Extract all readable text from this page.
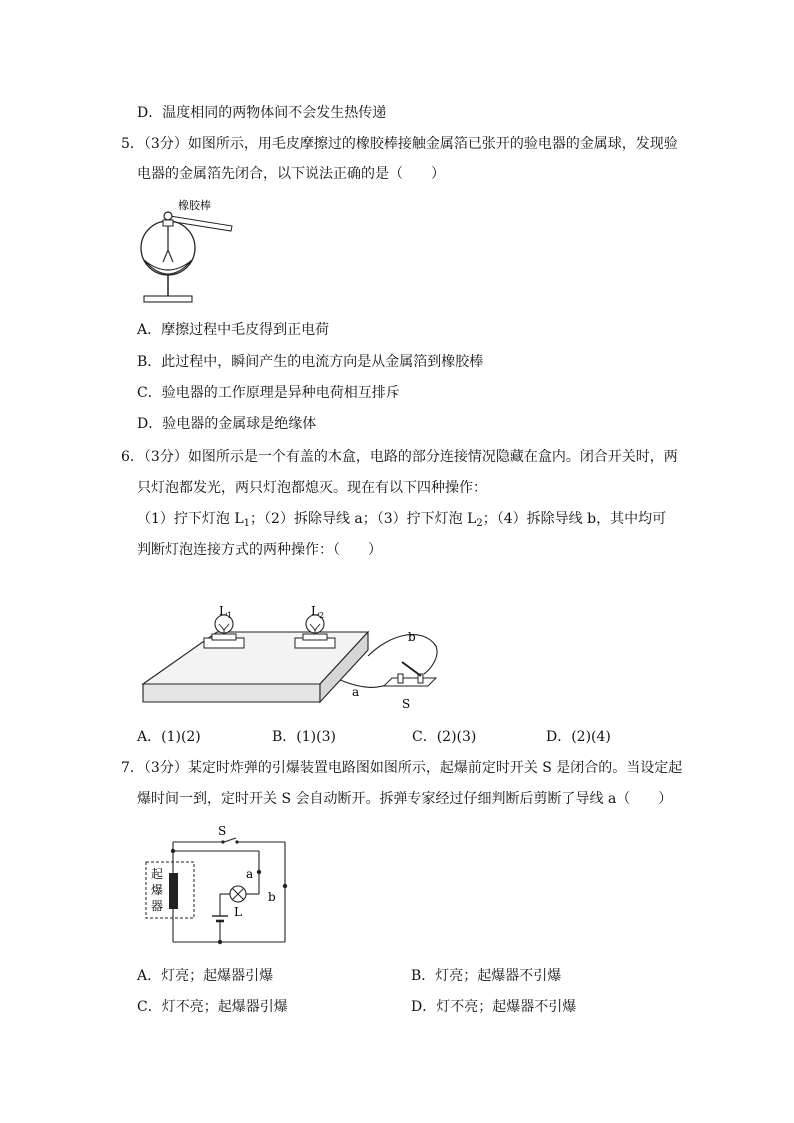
D．温度相同的两物体间不会发生热传递
5．（3分）如图所示，用毛皮摩擦过的橡胶棒接触金属箔已张开的验电器的金属球，发现验
电器的金属箔先闭合，以下说法正确的是（　　）
橡胶棒
A．摩擦过程中毛皮得到正电荷
B．此过程中，瞬间产生的电流方向是从金属箔到橡胶棒
C．验电器的工作原理是异种电荷相互排斥
D．验电器的金属球是绝缘体
6．（3分）如图所示是一个有盖的木盒，电路的部分连接情况隐藏在盒内。闭合开关时，两
只灯泡都发光，两只灯泡都熄灭。现在有以下四种操作：
（1）拧下灯泡 $L_1$；（2）拆除导线 a；（3）拧下灯泡 $L_2$；（4）拆除导线 b，其中均可
判断灯泡连接方式的两种操作：（　　）
$L_1$	$L_2$
b
a
S
A．(1)(2)	B．(1)(3)	C．(2)(3)	D．(2)(4)
7．（3分）某定时炸弹的引爆装置电路图如图所示，起爆前定时开关 S 是闭合的。当设定起
爆时间一到，定时开关 S 会自动断开。拆弹专家经过仔细判断后剪断了导线 a（　　）
S
b
起
爆
器
a
L
A．灯亮；起爆器引爆	B．灯亮；起爆器不引爆
C．灯不亮；起爆器引爆	D．灯不亮；起爆器不引爆
